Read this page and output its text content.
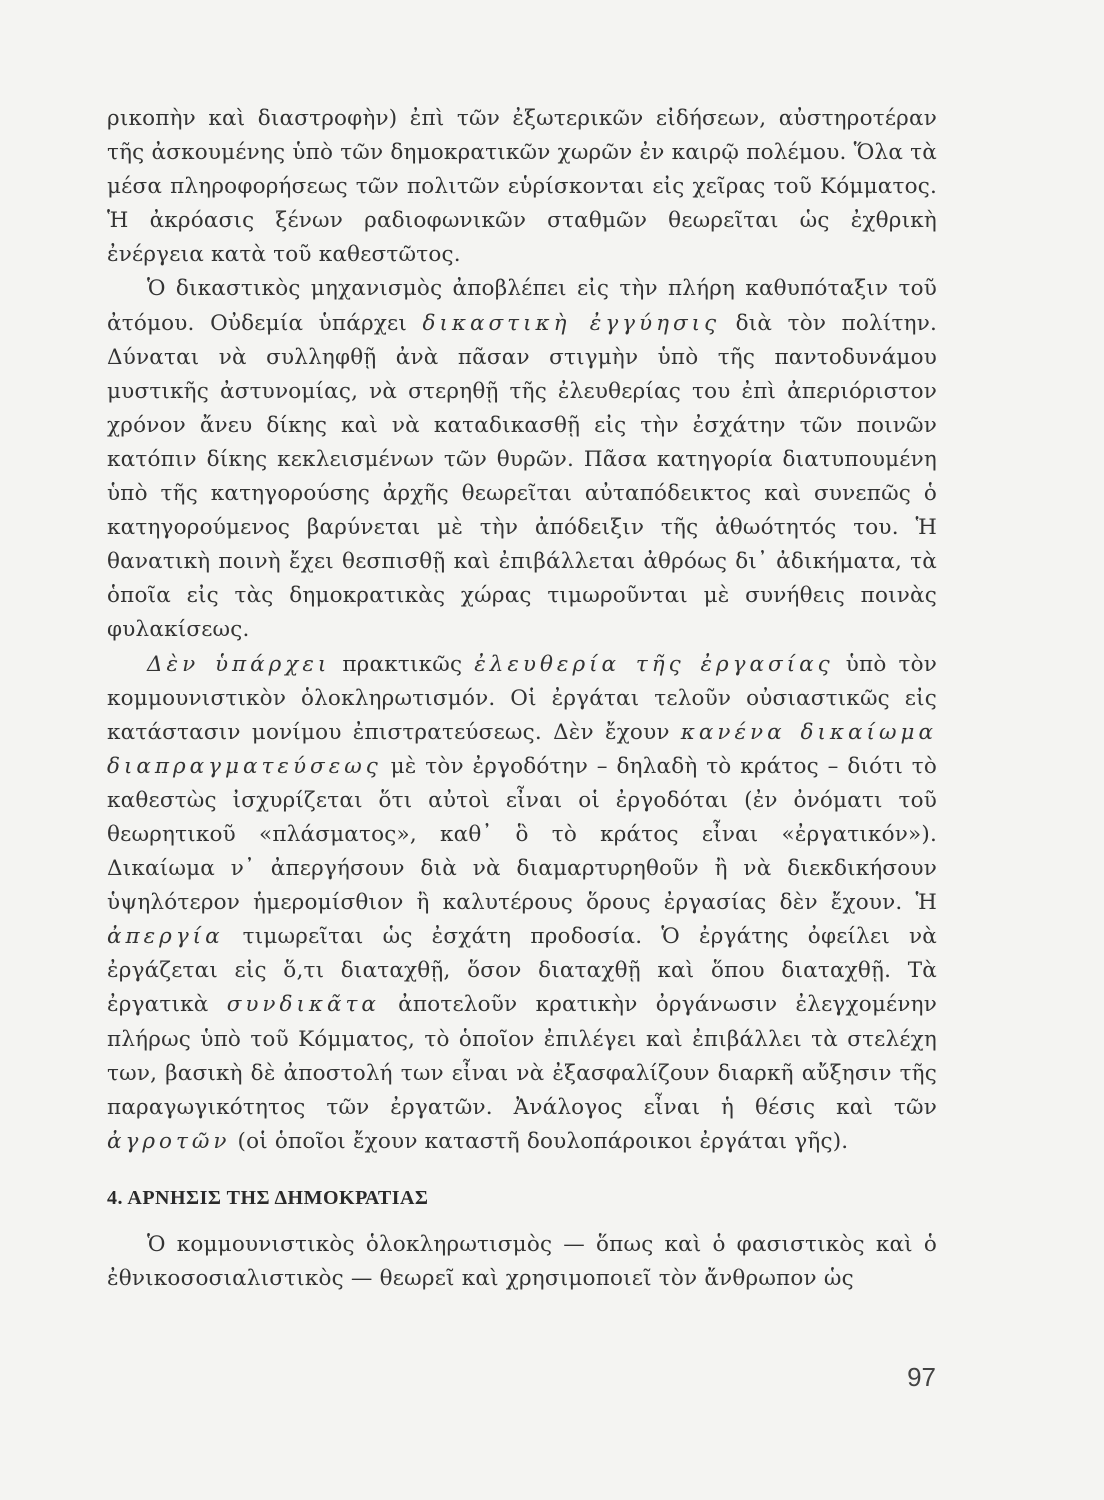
ρικοπὴν καὶ διαστροφὴν) ἐπὶ τῶν ἐξωτερικῶν εἰδήσεων, αὐστηροτέραν τῆς ἀσκουμένης ὑπὸ τῶν δημοκρατικῶν χωρῶν ἐν καιρῷ πολέμου. Ὅλα τὰ μέσα πληροφορήσεως τῶν πολιτῶν εὑρίσκονται εἰς χεῖρας τοῦ Κόμματος. Ἡ ἀκρόασις ξένων ραδιοφωνικῶν σταθμῶν θεωρεῖται ὡς ἐχθρικὴ ἐνέργεια κατὰ τοῦ καθεστῶτος.

Ὁ δικαστικὸς μηχανισμὸς ἀποβλέπει εἰς τὴν πλήρη καθυπόταξιν τοῦ ἀτόμου. Οὐδεμία ὑπάρχει δικαστικὴ ἐγγύησις διὰ τὸν πολίτην. Δύναται νὰ συλληφθῇ ἀνὰ πᾶσαν στιγμὴν ὑπὸ τῆς παντοδυνάμου μυστικῆς ἀστυνομίας, νὰ στερηθῇ τῆς ἐλευθερίας του ἐπὶ ἀπεριόριστον χρόνον ἄνευ δίκης καὶ νὰ καταδικασθῇ εἰς τὴν ἐσχάτην τῶν ποινῶν κατόπιν δίκης κεκλεισμένων τῶν θυρῶν. Πᾶσα κατηγορία διατυπουμένη ὑπὸ τῆς κατηγορούσης ἀρχῆς θεωρεῖται αὐταπόδεικτος καὶ συνεπῶς ὁ κατηγορούμενος βαρύνεται μὲ τὴν ἀπόδειξιν τῆς ἀθωότητός του. Ἡ θανατικὴ ποινὴ ἔχει θεσπισθῇ καὶ ἐπιβάλλεται ἀθρόως δι᾽ ἀδικήματα, τὰ ὁποῖα εἰς τὰς δημοκρατικὰς χώρας τιμωροῦνται μὲ συνήθεις ποινὰς φυλακίσεως.

Δὲν ὑπάρχει πρακτικῶς ἐλευθερία τῆς ἐργασίας ὑπὸ τὸν κομμουνιστικὸν ὁλοκληρωτισμόν. Οἱ ἐργάται τελοῦν οὐσιαστικῶς εἰς κατάστασιν μονίμου ἐπιστρατεύσεως. Δὲν ἔχουν κανένα δικαίωμα διαπραγματεύσεως μὲ τὸν ἐργοδότην – δηλαδὴ τὸ κράτος – διότι τὸ καθεστὼς ἰσχυρίζεται ὅτι αὐτοὶ εἶναι οἱ ἐργοδόται (ἐν ὀνόματι τοῦ θεωρητικοῦ «πλάσματος», καθ᾽ ὃ τὸ κράτος εἶναι «ἐργατικόν»). Δικαίωμα ν᾽ ἀπεργήσουν διὰ νὰ διαμαρτυρηθοῦν ἢ νὰ διεκδικήσουν ὑψηλότερον ἡμερομίσθιον ἢ καλυτέρους ὅρους ἐργασίας δὲν ἔχουν. Ἡ ἀπεργία τιμωρεῖται ὡς ἐσχάτη προδοσία. Ὁ ἐργάτης ὀφείλει νὰ ἐργάζεται εἰς ὅ,τι διαταχθῇ, ὅσον διαταχθῇ καὶ ὅπου διαταχθῇ. Τὰ ἐργατικὰ συνδικᾶτα ἀποτελοῦν κρατικὴν ὀργάνωσιν ἐλεγχομένην πλήρως ὑπὸ τοῦ Κόμματος, τὸ ὁποῖον ἐπιλέγει καὶ ἐπιβάλλει τὰ στελέχη των, βασικὴ δὲ ἀποστολή των εἶναι νὰ ἐξασφαλίζουν διαρκῆ αὔξησιν τῆς παραγωγικότητος τῶν ἐργατῶν. Ἀνάλογος εἶναι ἡ θέσις καὶ τῶν ἀγροτῶν (οἱ ὁποῖοι ἔχουν καταστῆ δουλοπάροικοι ἐργάται γῆς).

4. ΑΡΝΗΣΙΣ ΤΗΣ ΔΗΜΟΚΡΑΤΙΑΣ

Ὁ κομμουνιστικὸς ὁλοκληρωτισμὸς — ὅπως καὶ ὁ φασιστικὸς καὶ ὁ ἐθνικοσοσιαλιστικὸς — θεωρεῖ καὶ χρησιμοποιεῖ τὸν ἄνθρωπον ὡς

97
